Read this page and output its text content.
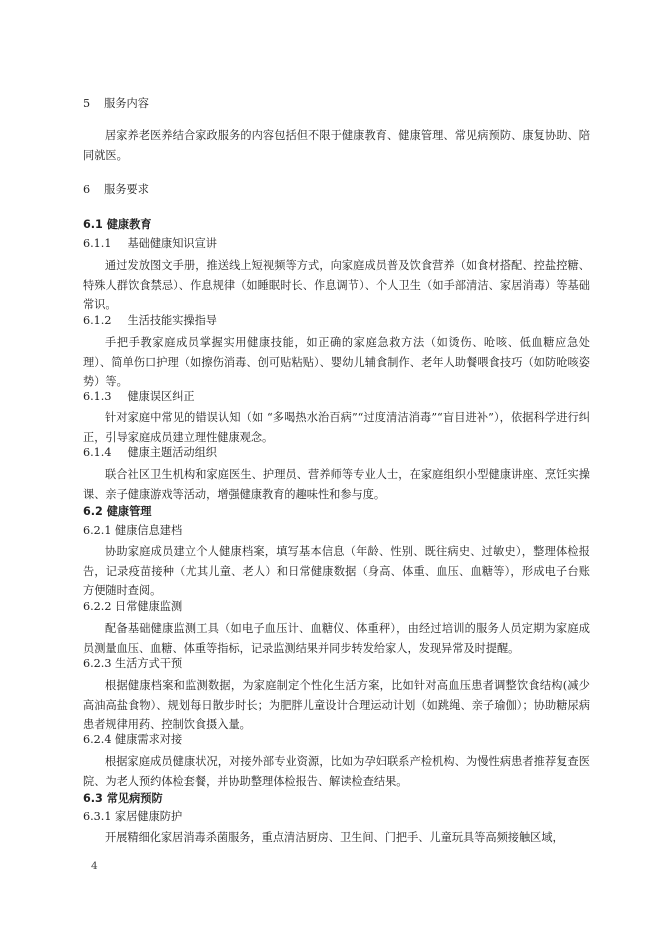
5 服务内容
居家养老医养结合家政服务的内容包括但不限于健康教育、健康管理、常见病预防、康复协助、陪同就医。
6 服务要求
6.1 健康教育
6.1.1 基础健康知识宣讲
通过发放图文手册，推送线上短视频等方式，向家庭成员普及饮食营养（如食材搭配、控盐控糖、特殊人群饮食禁忌）、作息规律（如睡眠时长、作息调节）、个人卫生（如手部清洁、家居消毒）等基础常识。
6.1.2 生活技能实操指导
手把手教家庭成员掌握实用健康技能，如正确的家庭急救方法（如烫伤、呛咳、低血糖应急处理）、简单伤口护理（如擦伤消毒、创可贴粘贴）、婴幼儿辅食制作、老年人助餐喂食技巧（如防呛咳姿势）等。
6.1.3 健康误区纠正
针对家庭中常见的错误认知（如 “多喝热水治百病”“过度清洁消毒”“盲目进补”），依据科学进行纠正，引导家庭成员建立理性健康观念。
6.1.4 健康主题活动组织
联合社区卫生机构和家庭医生、护理员、营养师等专业人士，在家庭组织小型健康讲座、烹饪实操课、亲子健康游戏等活动，增强健康教育的趣味性和参与度。
6.2 健康管理
6.2.1 健康信息建档
协助家庭成员建立个人健康档案，填写基本信息（年龄、性别、既往病史、过敏史），整理体检报告，记录疫苗接种（尤其儿童、老人）和日常健康数据（身高、体重、血压、血糖等），形成电子台账方便随时查阅。
6.2.2 日常健康监测
配备基础健康监测工具（如电子血压计、血糖仪、体重秤），由经过培训的服务人员定期为家庭成员测量血压、血糖、体重等指标，记录监测结果并同步转发给家人，发现异常及时提醒。
6.2.3 生活方式干预
根据健康档案和监测数据，为家庭制定个性化生活方案，比如针对高血压患者调整饮食结构(减少高油高盐食物）、规划每日散步时长；为肥胖儿童设计合理运动计划（如跳绳、亲子瑜伽）；协助糖尿病患者规律用药、控制饮食摄入量。
6.2.4 健康需求对接
根据家庭成员健康状况，对接外部专业资源，比如为孕妇联系产检机构、为慢性病患者推荐复查医院、为老人预约体检套餐，并协助整理体检报告、解读检查结果。
6.3 常见病预防
6.3.1 家居健康防护
开展精细化家居消毒杀菌服务，重点清洁厨房、卫生间、门把手、儿童玩具等高频接触区域，
4
